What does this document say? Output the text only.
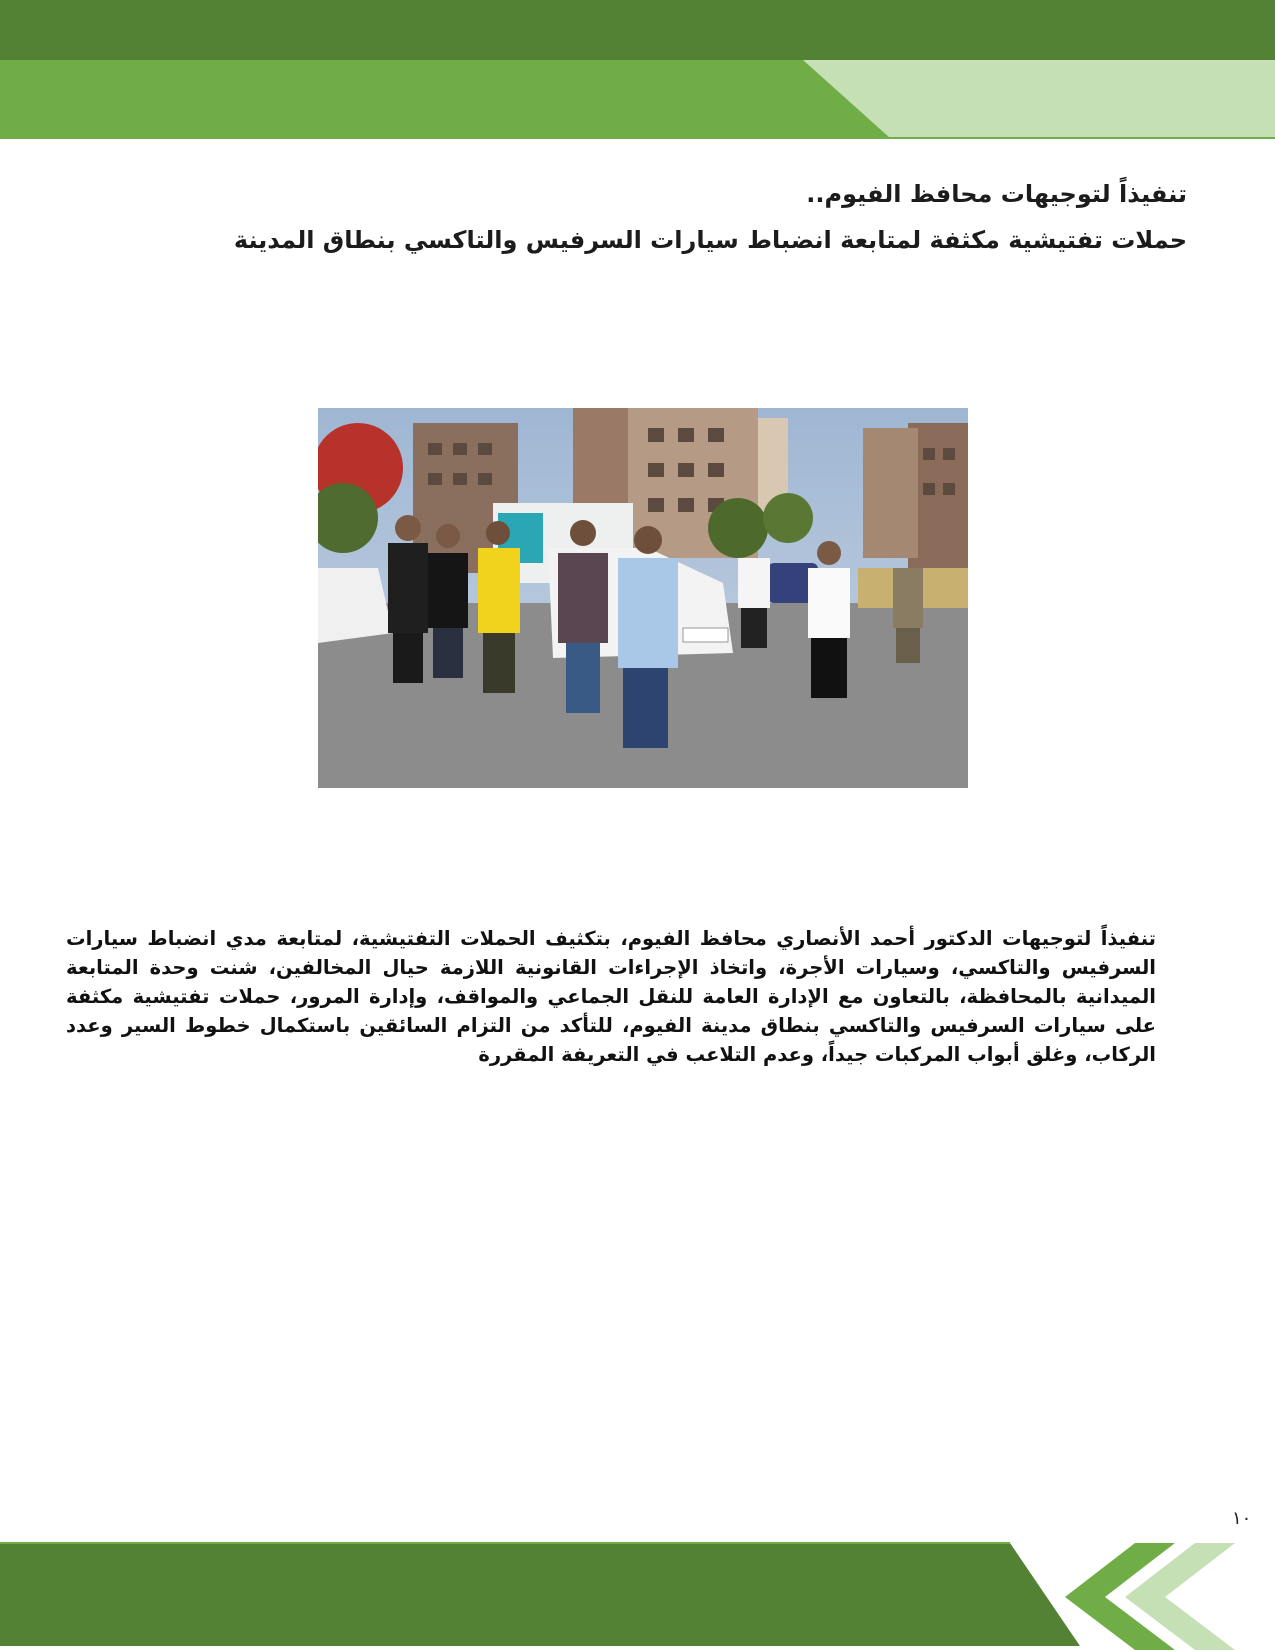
تنفيذاً لتوجيهات محافظ الفيوم..
حملات تفتيشية مكثفة لمتابعة انضباط سيارات السرفيس والتاكسي بنطاق المدينة
تنفيذاً لتوجيهات الدكتور أحمد الأنصاري محافظ الفيوم، بتكثيف الحملات التفتيشية، لمتابعة مدي انضباط سيارات السرفيس والتاكسي، وسيارات الأجرة، واتخاذ الإجراءات القانونية اللازمة حيال المخالفين، شنت وحدة المتابعة الميدانية بالمحافظة، بالتعاون مع الإدارة العامة للنقل الجماعي والمواقف، وإدارة المرور، حملات تفتيشية مكثفة على سيارات السرفيس والتاكسي بنطاق مدينة الفيوم، للتأكد من التزام السائقين باستكمال خطوط السير وعدد الركاب، وغلق أبواب المركبات جيداً، وعدم التلاعب في التعريفة المقررة
١٠
